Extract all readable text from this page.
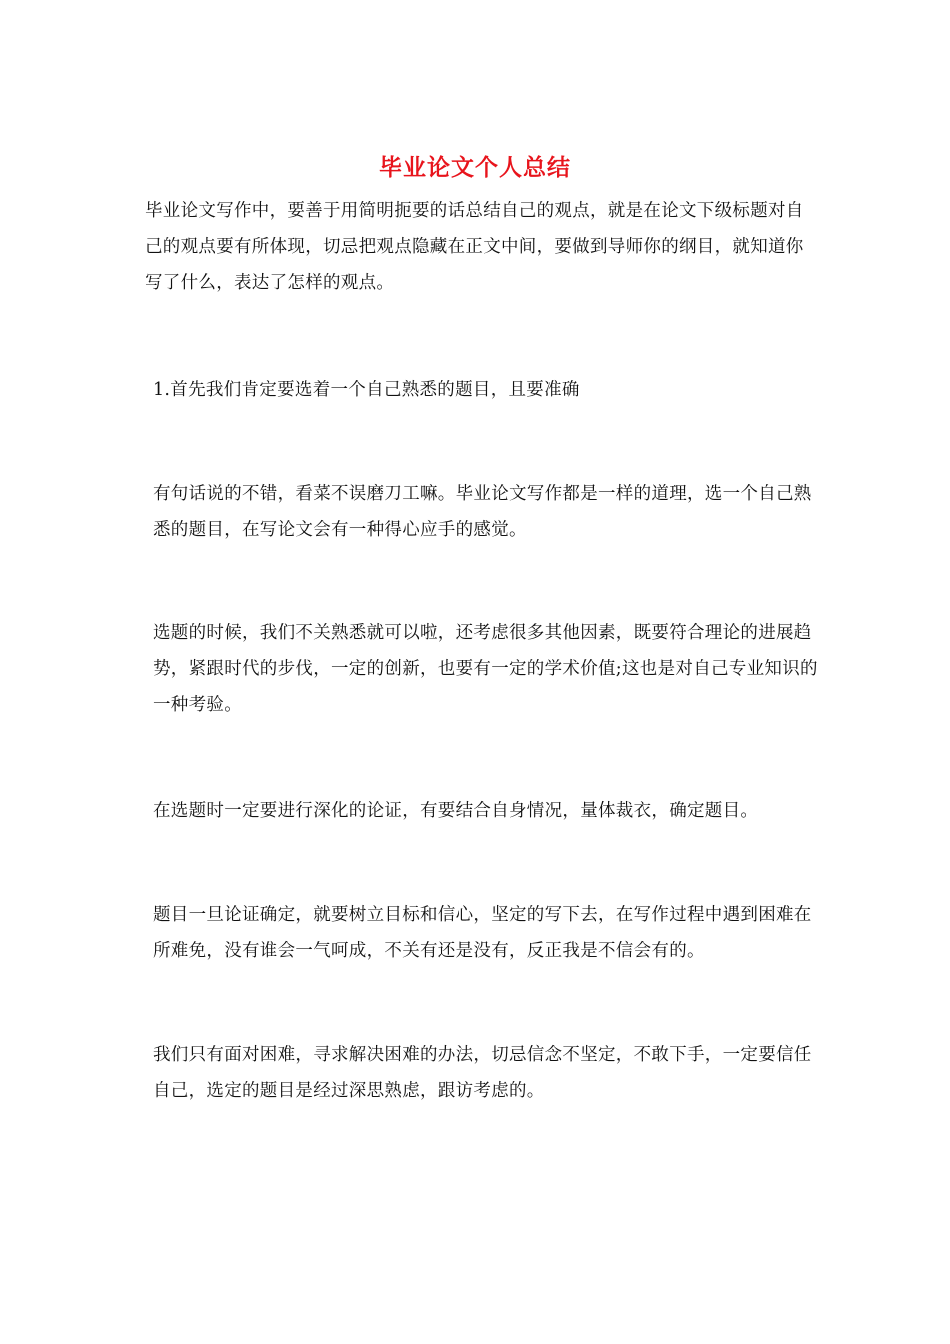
毕业论文个人总结

毕业论文写作中，要善于用简明扼要的话总结自己的观点，就是在论文下级标题对自己的观点要有所体现，切忌把观点隐藏在正文中间，要做到导师你的纲目，就知道你写了什么，表达了怎样的观点。

1.首先我们肯定要选着一个自己熟悉的题目，且要准确

有句话说的不错，看菜不误磨刀工嘛。毕业论文写作都是一样的道理，选一个自己熟悉的题目，在写论文会有一种得心应手的感觉。

选题的时候，我们不关熟悉就可以啦，还考虑很多其他因素，既要符合理论的进展趋势，紧跟时代的步伐，一定的创新，也要有一定的学术价值;这也是对自己专业知识的一种考验。

在选题时一定要进行深化的论证，有要结合自身情况，量体裁衣，确定题目。

题目一旦论证确定，就要树立目标和信心，坚定的写下去，在写作过程中遇到困难在所难免，没有谁会一气呵成，不关有还是没有，反正我是不信会有的。

我们只有面对困难，寻求解决困难的办法，切忌信念不坚定，不敢下手，一定要信任自己，选定的题目是经过深思熟虑，跟访考虑的。
